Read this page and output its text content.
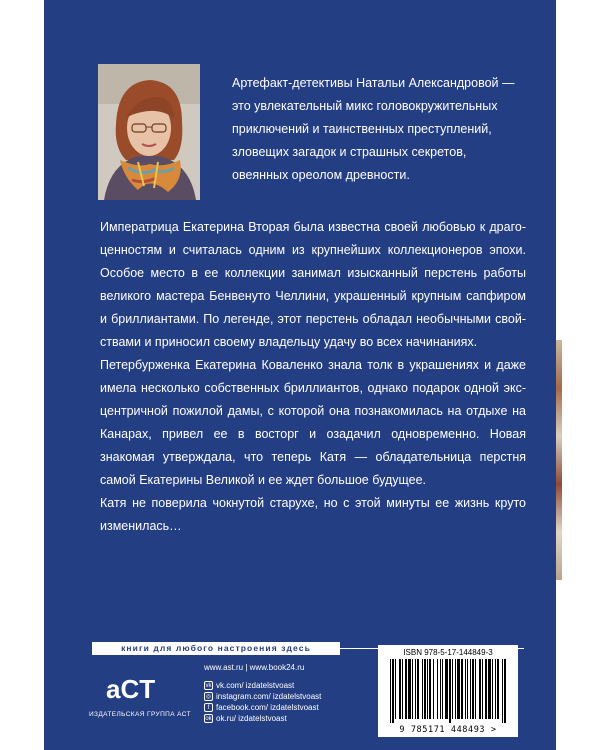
Артефакт-детективы Натальи Александровой —
это увлекательный микс головокружительных
приключений и таинственных преступлений,
зловещих загадок и страшных секретов,
овеянных ореолом древности.

Императрица Екатерина Вторая была известна своей любовью к драгоценностям и считалась одним из крупнейших коллекционеров эпохи. Особое место в ее коллекции занимал изысканный перстень работы великого мастера Бенвенуто Челлини, украшенный крупным сапфиром и бриллиантами. По легенде, этот перстень обладал необычными свойствами и приносил своему владельцу удачу во всех начинаниях.

Петербурженка Екатерина Коваленко знала толк в украшениях и даже имела несколько собственных бриллиантов, однако подарок одной эксцентричной пожилой дамы, с которой она познакомилась на отдыхе на Канарах, привел ее в восторг и озадачил одновременно. Новая знакомая утверждала, что теперь Катя — обладательница перстня самой Екатерины Великой и ее ждет большое будущее.

Катя не поверила чокнутой старухе, но с этой минуты ее жизнь круто изменилась…

книги для любого настроения здесь
aCT
ИЗДАТЕЛЬСКАЯ ГРУППА АСТ
www.ast.ru | www.book24.ru
vk vk.com/ izdatelstvoast
◎ instagram.com/ izdatelstvoast
f facebook.com/ izdatelstvoast
ok ok.ru/ izdatelstvoast
ISBN 978-5-17-144849-3
9 785171 448493 >
